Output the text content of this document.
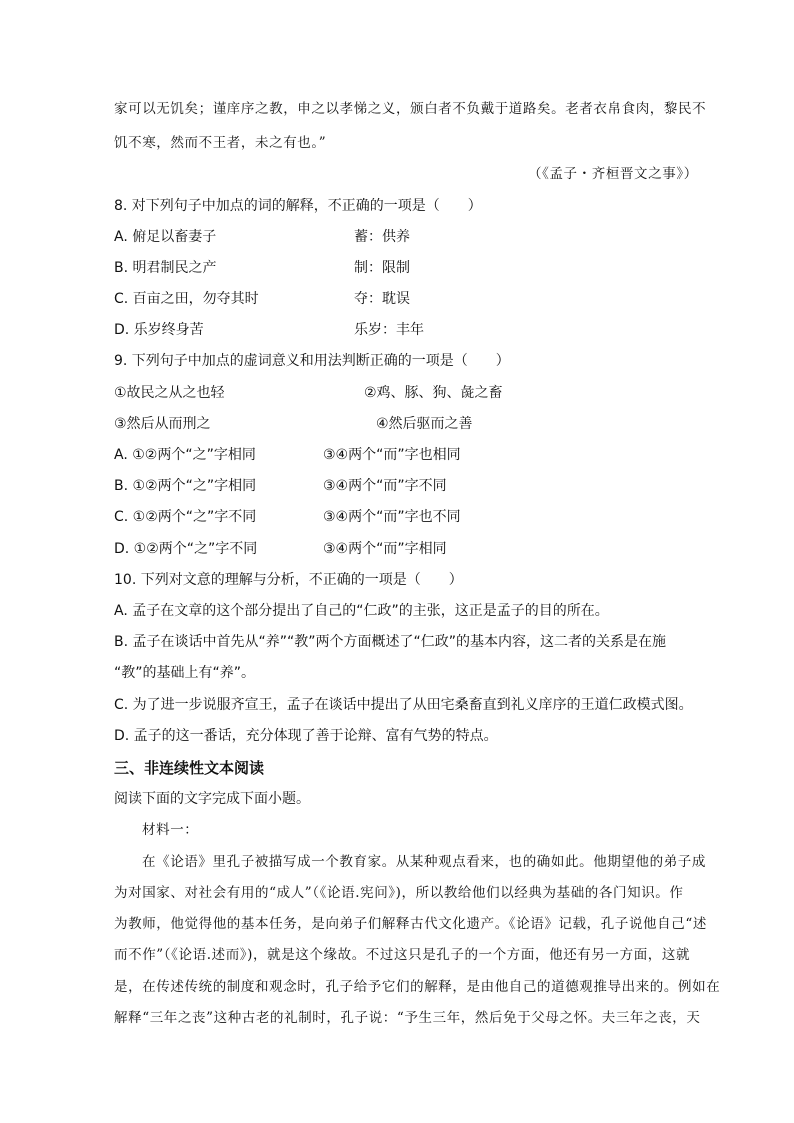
家可以无饥矣；谨庠序之教，申之以孝悌之义，颁白者不负戴于道路矣。老者衣帛食肉，黎民不
饥不寒，然而不王者，未之有也。”
（《孟子・齐桓晋文之事》）
8. 对下列句子中加点的词的解释，不正确的一项是（　　）
A. 俯足以畜妻子	蓄：供养
B. 明君制民之产	制：限制
C. 百亩之田，勿夺其时	夺：耽误
D. 乐岁终身苦	乐岁：丰年
9. 下列句子中加点的虚词意义和用法判断正确的一项是（　　）
①故民之从之也轻	②鸡、豚、狗、彘之畜
③然后从而刑之	④然后驱而之善
A. ①②两个“之”字相同	③④两个“而”字也相同
B. ①②两个“之”字相同	③④两个“而”字不同
C. ①②两个“之”字不同	③④两个“而”字也不同
D. ①②两个“之”字不同	③④两个“而”字相同
10. 下列对文意的理解与分析，不正确的一项是（　　）
A. 孟子在文章的这个部分提出了自己的“仁政”的主张，这正是孟子的目的所在。
B. 孟子在谈话中首先从“养”“教”两个方面概述了“仁政”的基本内容，这二者的关系是在施
“教”的基础上有“养”。
C. 为了进一步说服齐宣王，孟子在谈话中提出了从田宅桑畜直到礼义庠序的王道仁政模式图。
D. 孟子的这一番话，充分体现了善于论辩、富有气势的特点。
三、非连续性文本阅读
阅读下面的文字完成下面小题。
材料一：
在《论语》里孔子被描写成一个教育家。从某种观点看来，也的确如此。他期望他的弟子成
为对国家、对社会有用的“成人”（《论语.宪问》)，所以教给他们以经典为基础的各门知识。作
为教师，他觉得他的基本任务，是向弟子们解释古代文化遗产。《论语》记载，孔子说他自己“述
而不作”（《论语.述而》)，就是这个缘故。不过这只是孔子的一个方面，他还有另一方面，这就
是，在传述传统的制度和观念时，孔子给予它们的解释，是由他自己的道德观推导出来的。例如在
解释“三年之丧”这种古老的礼制时，孔子说：“予生三年，然后免于父母之怀。夫三年之丧，天
